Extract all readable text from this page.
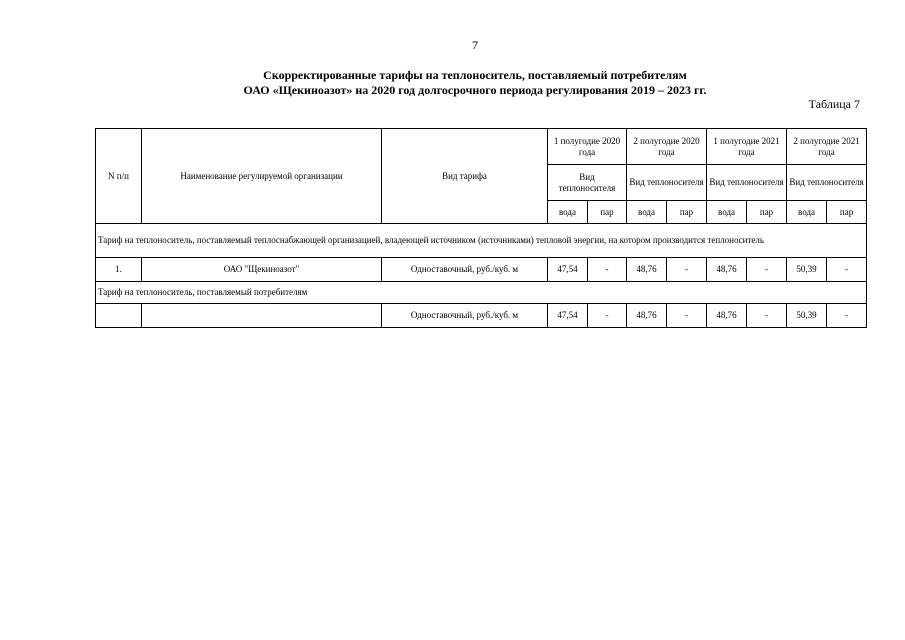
7
Скорректированные тарифы на теплоноситель, поставляемый потребителям
ОАО «Щекиноазот» на 2020 год долгосрочного периода регулирования 2019 – 2023 гг.
Таблица 7
N п/п	Наименование регулируемой организации	Вид тарифа	1 полугодие 2020 года		2 полугодие 2020 года		1 полугодие 2021 года		2 полугодие 2021 года	
			Вид теплоносителя		Вид теплоносителя		Вид теплоносителя		Вид теплоносителя	
			вода	пар	вода	пар	вода	пар	вода	пар
Тариф на теплоноситель, поставляемый теплоснабжающей организацией, владеющей источником (источниками) тепловой энергии, на котором производится теплоноситель										
1.	ОАО "Щекиноазот"	Одноставочный, руб./куб. м	47,54	-	48,76	-	48,76	-	50,39	-
Тариф на теплоноситель, поставляемый потребителям										
		Одноставочный, руб./куб. м	47,54	-	48,76	-	48,76	-	50,39	-
